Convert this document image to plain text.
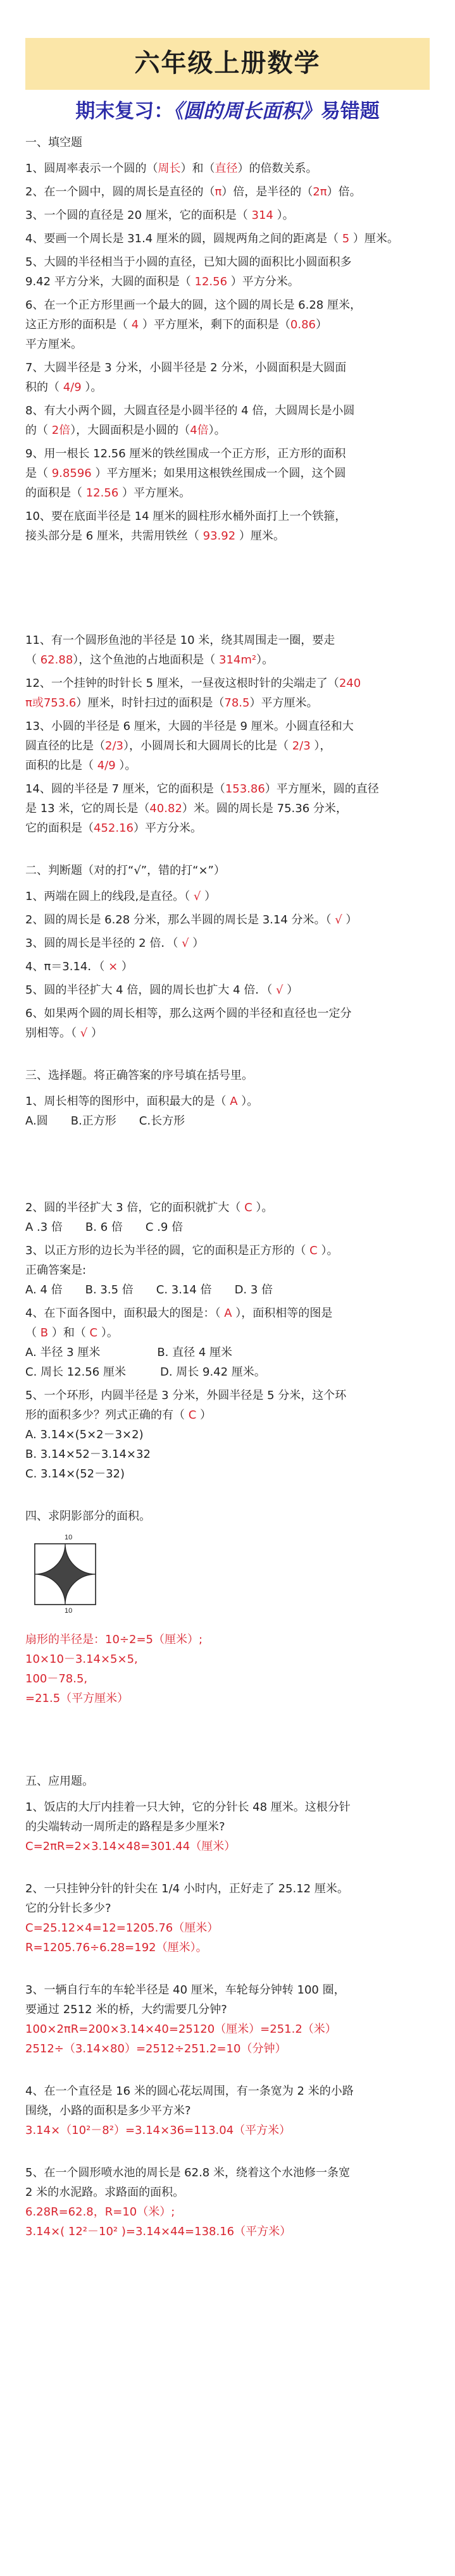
六年级上册数学
期末复习：《圆的周长面积》易错题
一、填空题

1、圆周率表示一个圆的（周长）和（直径）的倍数关系。

2、在一个圆中，圆的周长是直径的（π）倍，是半径的（2π）倍。

3、一个圆的直径是 20 厘米，它的面积是（ 314 ）。

4、要画一个周长是 31.4 厘米的圆，圆规两角之间的距离是（ 5 ）厘米。

5、大圆的半径相当于小圆的直径，已知大圆的面积比小圆面积多

9.42 平方分米，大圆的面积是（ 12.56 ）平方分米。

6、在一个正方形里画一个最大的圆，这个圆的周长是 6.28 厘米，

这正方形的面积是（ 4 ）平方厘米，剩下的面积是（0.86）

平方厘米。

7、大圆半径是 3 分米，小圆半径是 2 分米，小圆面积是大圆面

积的（ 4/9 ）。

8、有大小两个圆，大圆直径是小圆半径的 4 倍，大圆周长是小圆

的（ 2倍），大圆面积是小圆的（4倍）。

9、用一根长 12.56 厘米的铁丝围成一个正方形，正方形的面积

是（ 9.8596 ）平方厘米；如果用这根铁丝围成一个圆，这个圆

的面积是（ 12.56 ）平方厘米。

10、要在底面半径是 14 厘米的圆柱形水桶外面打上一个铁箍，

接头部分是 6 厘米，共需用铁丝（ 93.92 ）厘米。

11、有一个圆形鱼池的半径是 10 米，绕其周围走一圈，要走

（ 62.88），这个鱼池的占地面积是（ 314m²）。

12、一个挂钟的时针长 5 厘米，一昼夜这根时针的尖端走了（240

π或753.6）厘米，时针扫过的面积是（78.5）平方厘米。

13、小圆的半径是 6 厘米，大圆的半径是 9 厘米。小圆直径和大

圆直径的比是（2/3），小圆周长和大圆周长的比是（ 2/3 ），

面积的比是（ 4/9 ）。

14、圆的半径是 7 厘米，它的面积是（153.86）平方厘米，圆的直径

是 13 米，它的周长是（40.82）米。圆的周长是 75.36 分米，

它的面积是（452.16）平方分米。

二、判断题（对的打“√”，错的打“×”）

1、两端在圆上的线段,是直径。（ √ ）

2、圆的周长是 6.28 分米，那么半圆的周长是 3.14 分米。（ √ ）

3、圆的周长是半径的 2 倍．（ √ ）

4、π＝3.14．（ × ）

5、圆的半径扩大 4 倍，圆的周长也扩大 4 倍．（ √ ）

6、如果两个圆的周长相等，那么这两个圆的半径和直径也一定分

别相等。（ √ ）

三、选择题。将正确答案的序号填在括号里。

1、周长相等的图形中，面积最大的是（ A ）。

A.圆　　B.正方形　　C.长方形

2、圆的半径扩大 3 倍，它的面积就扩大（ C ）。

A .3 倍　　B. 6 倍　　C .9 倍

3、以正方形的边长为半径的圆，它的面积是正方形的（ C ）。

正确答案是:

A. 4 倍　　B. 3.5 倍　　C. 3.14 倍　　D. 3 倍

4、在下面各图中，面积最大的图是：（ A ），面积相等的图是

（ B ）和（ C ）。

A. 半径 3 厘米　　　　　B. 直径 4 厘米

C. 周长 12.56 厘米　　　D. 周长 9.42 厘米。

5、一个环形，内圆半径是 3 分米，外圆半径是 5 分米，这个环

形的面积多少？列式正确的有（ C ）

A. 3.14×(5×2－3×2)

B. 3.14×52－3.14×32

C. 3.14×(52－32)

四、求阴影部分的面积。
10
10

扇形的半径是：10÷2=5（厘米）;

10×10－3.14×5×5,

100－78.5,

=21.5（平方厘米）

五、应用题。

1、饭店的大厅内挂着一只大钟，它的分针长 48 厘米。这根分针

的尖端转动一周所走的路程是多少厘米?

C=2πR=2×3.14×48=301.44（厘米）

2、一只挂钟分针的针尖在 1/4 小时内，正好走了 25.12 厘米。

它的分针长多少?

C=25.12×4=12=1205.76（厘米）

R=1205.76÷6.28=192（厘米）。

3、一辆自行车的车轮半径是 40 厘米，车轮每分钟转 100 圈，

要通过 2512 米的桥，大约需要几分钟?

100×2πR=200×3.14×40=25120（厘米）=251.2（米）

2512÷（3.14×80）=2512÷251.2=10（分钟）

4、在一个直径是 16 米的圆心花坛周围，有一条宽为 2 米的小路

围绕，小路的面积是多少平方米?

3.14×（10²－8²）=3.14×36=113.04（平方米）

5、在一个圆形喷水池的周长是 62.8 米，绕着这个水池修一条宽

2 米的水泥路。求路面的面积。

6.28R=62.8，R=10（米）;

3.14×( 12²－10² )=3.14×44=138.16（平方米）
